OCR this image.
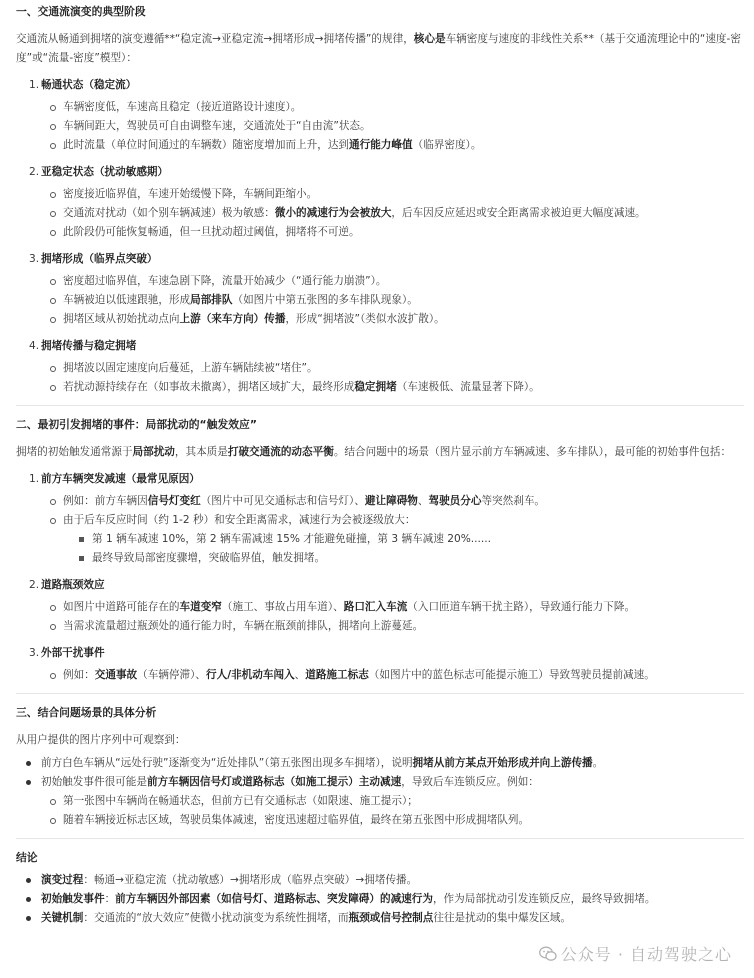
一、交通流演变的典型阶段

交通流从畅通到拥堵的演变遵循**“稳定流→亚稳定流→拥堵形成→拥堵传播”的规律，核心是车辆密度与速度的非线性关系**（基于交通流理论中的“速度-密度”或“流量-密度”模型）：

1. 畅通状态（稳定流）
车辆密度低，车速高且稳定（接近道路设计速度）。
车辆间距大，驾驶员可自由调整车速，交通流处于“自由流”状态。
此时流量（单位时间通过的车辆数）随密度增加而上升，达到通行能力峰值（临界密度）。
2. 亚稳定状态（扰动敏感期）
密度接近临界值，车速开始缓慢下降，车辆间距缩小。
交通流对扰动（如个别车辆减速）极为敏感：微小的减速行为会被放大，后车因反应延迟或安全距离需求被迫更大幅度减速。
此阶段仍可能恢复畅通，但一旦扰动超过阈值，拥堵将不可逆。
3. 拥堵形成（临界点突破）
密度超过临界值，车速急剧下降，流量开始减少（“通行能力崩溃”）。
车辆被迫以低速跟驰，形成局部排队（如图片中第五张图的多车排队现象）。
拥堵区域从初始扰动点向上游（来车方向）传播，形成“拥堵波”（类似水波扩散）。
4. 拥堵传播与稳定拥堵
拥堵波以固定速度向后蔓延，上游车辆陆续被“堵住”。
若扰动源持续存在（如事故未撤离），拥堵区域扩大，最终形成稳定拥堵（车速极低、流量显著下降）。
二、最初引发拥堵的事件：局部扰动的“触发效应”

拥堵的初始触发通常源于局部扰动，其本质是打破交通流的动态平衡。结合问题中的场景（图片显示前方车辆减速、多车排队），最可能的初始事件包括：

1. 前方车辆突发减速（最常见原因）
例如：前方车辆因信号灯变红（图片中可见交通标志和信号灯）、避让障碍物、驾驶员分心等突然刹车。
由于后车反应时间（约 1-2 秒）和安全距离需求，减速行为会被逐级放大：
第 1 辆车减速 10%，第 2 辆车需减速 15% 才能避免碰撞，第 3 辆车减速 20%......
最终导致局部密度骤增，突破临界值，触发拥堵。
2. 道路瓶颈效应
如图片中道路可能存在的车道变窄（施工、事故占用车道）、路口汇入车流（入口匝道车辆干扰主路），导致通行能力下降。
当需求流量超过瓶颈处的通行能力时，车辆在瓶颈前排队，拥堵向上游蔓延。
3. 外部干扰事件
例如：交通事故（车辆停滞）、行人/非机动车闯入、道路施工标志（如图片中的蓝色标志可能提示施工）导致驾驶员提前减速。
三、结合问题场景的具体分析

从用户提供的图片序列中可观察到：

前方白色车辆从“远处行驶”逐渐变为“近处排队”（第五张图出现多车拥堵），说明拥堵从前方某点开始形成并向上游传播。
初始触发事件很可能是前方车辆因信号灯或道路标志（如施工提示）主动减速，导致后车连锁反应。例如：
第一张图中车辆尚在畅通状态，但前方已有交通标志（如限速、施工提示）；
随着车辆接近标志区域，驾驶员集体减速，密度迅速超过临界值，最终在第五张图中形成拥堵队列。
结论
演变过程：畅通→亚稳定流（扰动敏感）→拥堵形成（临界点突破）→拥堵传播。
初始触发事件：前方车辆因外部因素（如信号灯、道路标志、突发障碍）的减速行为，作为局部扰动引发连锁反应，最终导致拥堵。
关键机制：交通流的“放大效应”使微小扰动演变为系统性拥堵，而瓶颈或信号控制点往往是扰动的集中爆发区域。
公众号 · 自动驾驶之心
